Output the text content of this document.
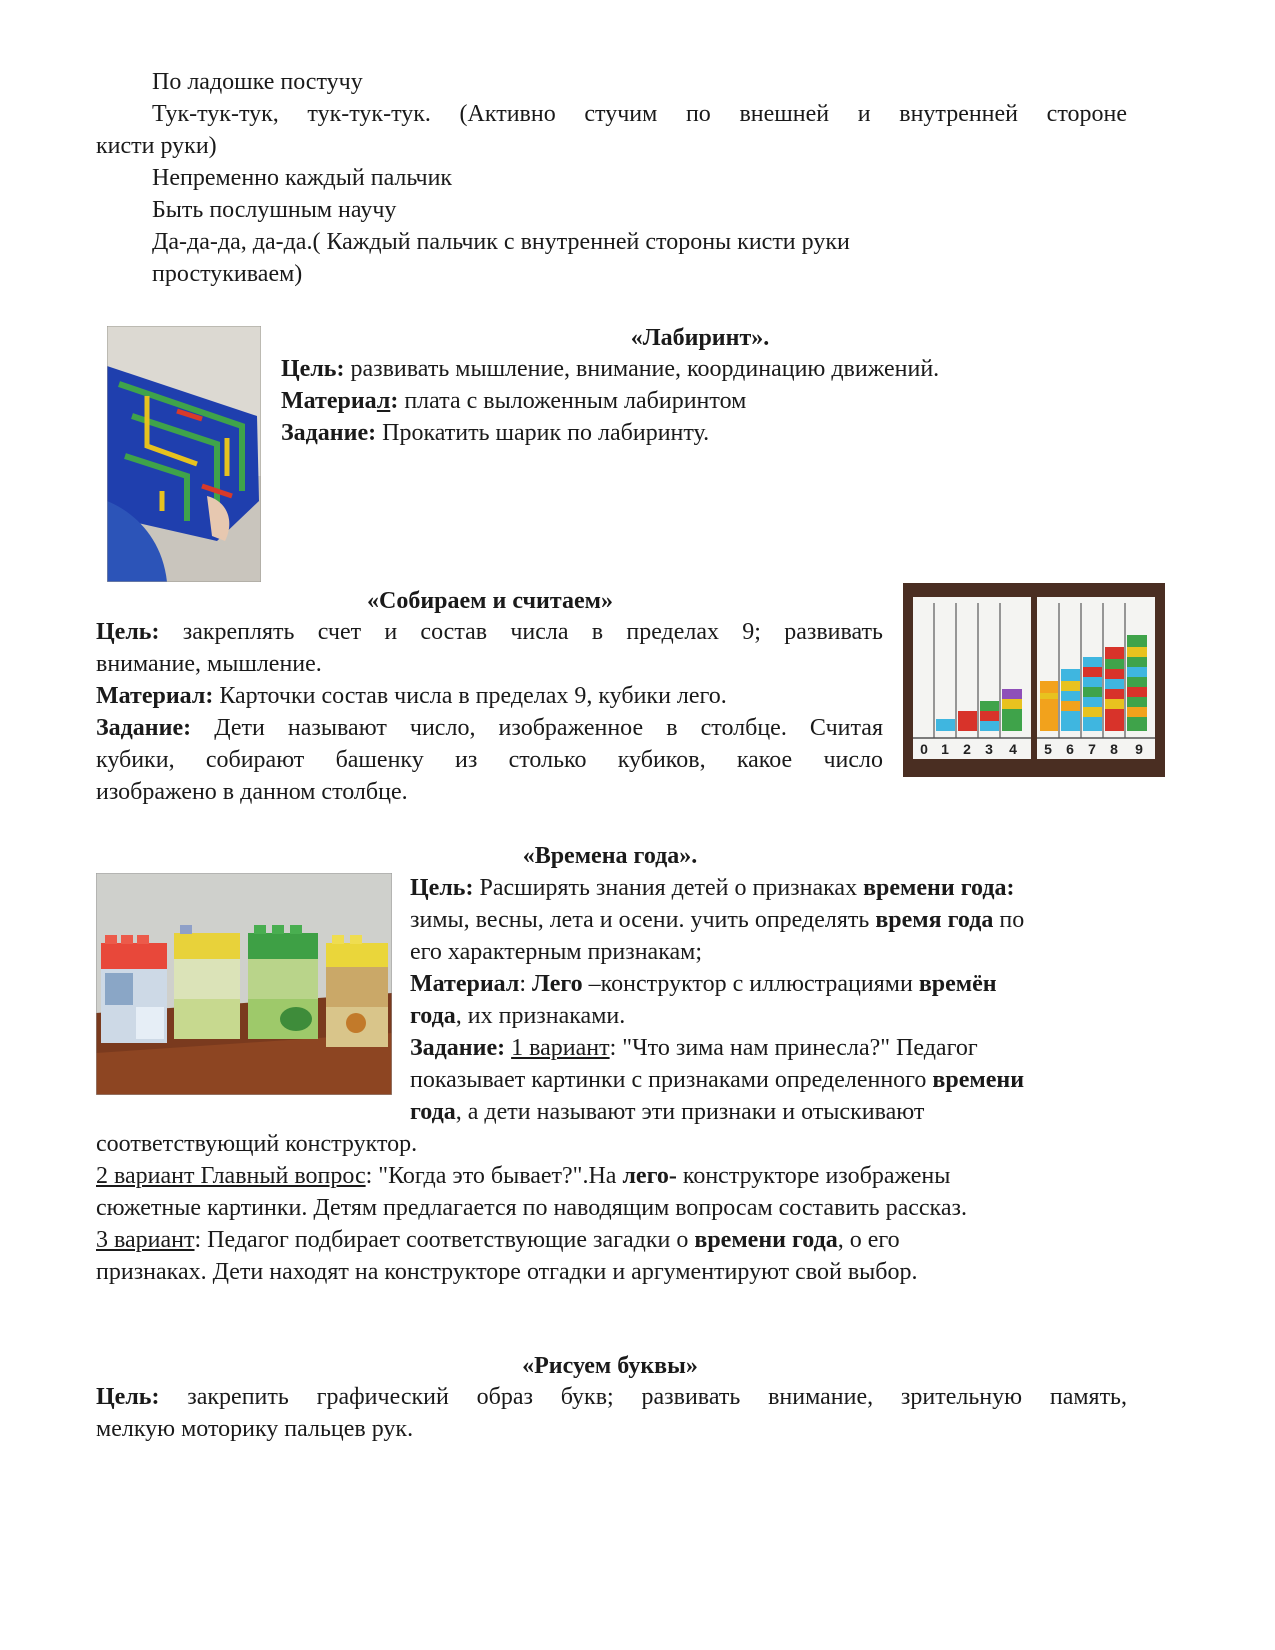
По ладошке постучу
Тук-тук-тук, тук-тук-тук. (Активно стучим по внешней и внутренней стороне
кисти руки)
Непременно каждый пальчик
Быть послушным научу
Да-да-да, да-да.( Каждый пальчик с внутренней стороны кисти руки
простукиваем)
«Лабиринт».
Цель: развивать мышление, внимание, координацию движений.
Материал: плата с выложенным лабиринтом
Задание: Прокатить шарик по лабиринту.
«Собираем и считаем»
Цель: закреплять счет и состав числа в пределах 9; развивать
внимание, мышление.
Материал: Карточки состав числа в пределах 9, кубики лего.
Задание: Дети называют число, изображенное в столбце. Считая
кубики, собирают башенку из столько кубиков, какое число
изображено в данном столбце.
0 1 2 3 4 5 6 7 8 9
«Времена года».
Цель: Расширять знания детей о признаках времени года:
зимы, весны, лета и осени. учить определять время года по
его характерным признакам;
Материал: Лего –конструктор с иллюстрациями времён
года, их признаками.
Задание: 1 вариант: "Что зима нам принесла?" Педагог
показывает картинки с признаками определенного времени
года, а дети называют эти признаки и отыскивают
соответствующий конструктор.
2 вариант Главный вопрос: "Когда это бывает?".На лего- конструкторе изображены
сюжетные картинки. Детям предлагается по наводящим вопросам составить рассказ.
3 вариант: Педагог подбирает соответствующие загадки о времени года, о его
признаках. Дети находят на конструкторе отгадки и аргументируют свой выбор.
«Рисуем буквы»
Цель: закрепить графический образ букв; развивать внимание, зрительную память,
мелкую моторику пальцев рук.
